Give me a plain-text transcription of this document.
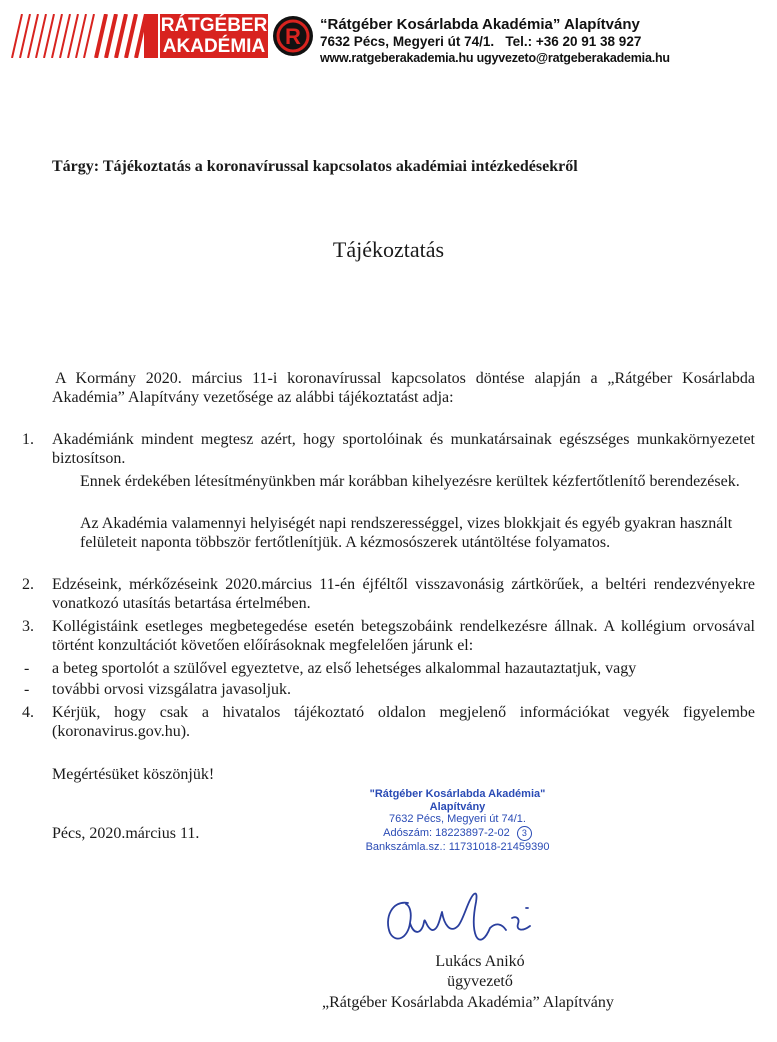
RÁTGÉBER
AKADÉMIA R “Rátgéber Kosárlabda Akadémia” Alapítvány
7632 Pécs, Megyeri út 74/1.   Tel.: +36 20 91 38 927
www.ratgeberakademia.hu ugyvezeto@ratgeberakademia.hu
Tárgy: Tájékoztatás a koronavírussal kapcsolatos akadémiai intézkedésekről
Tájékoztatás
A Kormány 2020. március 11-i koronavírussal kapcsolatos döntése alapján a „Rátgéber Kosárlabda Akadémia” Alapítvány vezetősége az alábbi tájékoztatást adja:
1. Akadémiánk mindent megtesz azért, hogy sportolóinak és munkatársainak egészséges munkakörnyezetet biztosítson.
Ennek érdekében létesítményünkben már korábban kihelyezésre kerültek kézfertőtlenítő berendezések.
Az Akadémia valamennyi helyiségét napi rendszerességgel, vizes blokkjait és egyéb gyakran használt felületeit naponta többször fertőtlenítjük. A kézmosószerek utántöltése folyamatos.
2. Edzéseink, mérkőzéseink 2020.március 11-én éjféltől visszavonásig zártkörűek, a beltéri rendezvényekre vonatkozó utasítás betartása értelmében.
3. Kollégistáink esetleges megbetegedése esetén betegszobáink rendelkezésre állnak. A kollégium orvosával történt konzultációt követően előírásoknak megfelelően járunk el:
- a beteg sportolót a szülővel egyeztetve, az első lehetséges alkalommal hazautaztatjuk, vagy
- további orvosi vizsgálatra javasoljuk.
4. Kérjük, hogy csak a hivatalos tájékoztató oldalon megjelenő információkat vegyék figyelembe (koronavirus.gov.hu).
Megértésüket köszönjük!
Pécs, 2020.március 11.
"Rátgéber Kosárlabda Akadémia"
Alapítvány
7632 Pécs, Megyeri út 74/1.
Adószám: 18223897-2-02 3
Bankszámla.sz.: 11731018-21459390
Lukács Anikó
ügyvezető
„Rátgéber Kosárlabda Akadémia” Alapítvány
